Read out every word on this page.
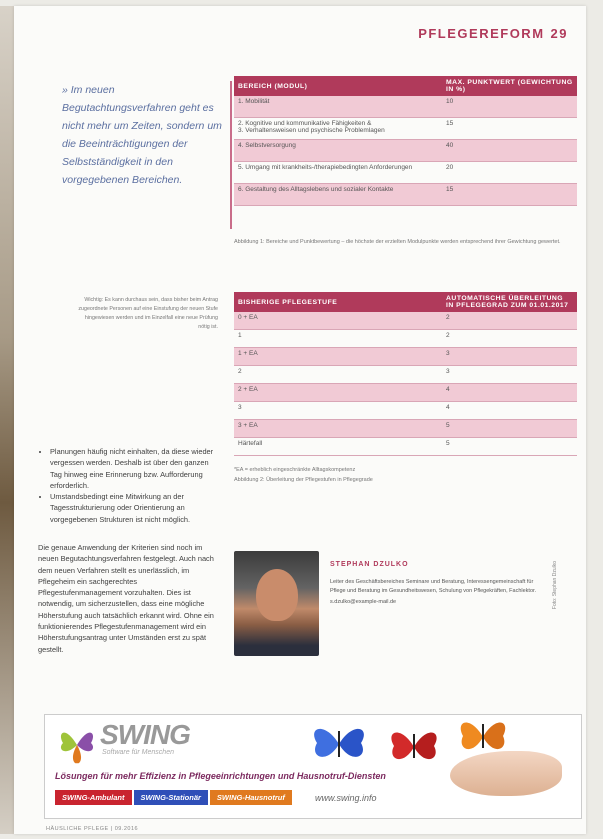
PFLEGEREFORM 29

» Im neuen Begutachtungsverfahren geht es nicht mehr um Zeiten, sondern um die Beeinträchtigungen der Selbstständigkeit in den vorgegebenen Bereichen.

BEREICH (MODUL)	MAX. PUNKTWERT (GEWICHTUNG IN %)
1. Mobilität	10
2. Kognitive und kommunikative Fähigkeiten &
3. Verhaltensweisen und psychische Problemlagen	15
4. Selbstversorgung	40
5. Umgang mit krankheits-/therapiebedingten Anforderungen	20
6. Gestaltung des Alltagslebens und sozialer Kontakte	15
Abbildung 1: Bereiche und Punktbewertung – die höchste der erzielten Modulpunkte werden entsprechend ihrer Gewichtung gewertet.
Wichtig: Es kann durchaus sein, dass bisher beim Antrag zugeordnete Personen auf eine Einstufung der neuen Stufe hingewiesen werden und im Einzelfall eine neue Prüfung nötig ist.
BISHERIGE PFLEGESTUFE	AUTOMATISCHE ÜBERLEITUNG IN PFLEGEGRAD ZUM 01.01.2017
0 + EA	2
1	2
1 + EA	3
2	3
2 + EA	4
3	4
3 + EA	5
Härtefall	5
*EA = erheblich eingeschränkte Alltagskompetenz
Abbildung 2: Überleitung der Pflegestufen in Pflegegrade
• Planungen häufig nicht einhalten, da diese wieder vergessen werden. Deshalb ist über den ganzen Tag hinweg eine Erinnerung bzw. Aufforderung erforderlich.
• Umstandsbedingt eine Mitwirkung an der Tagesstrukturierung oder Orientierung an vorgegebenen Strukturen ist nicht möglich.

Die genaue Anwendung der Kriterien sind noch im neuen Begutachtungsverfahren festgelegt. Auch nach dem neuen Verfahren stellt es unerlässlich, im Pflegeheim ein sachgerechtes Pflegestufenmanagement vorzuhalten. Dies ist notwendig, um sicherzustellen, dass eine mögliche Höherstufung auch tatsächlich erkannt wird. Ohne ein funktionierendes Pflegestufenmanagement wird ein Höherstufungsantrag unter Umständen erst zu spät gestellt.

STEPHAN DZULKO

Leiter des Geschäftsbereiches Seminare und Beratung, Interessengemeinschaft für Pflege und Beratung im Gesundheitswesen, Schulung von Pflegekräften, Fachlektor.

s.dzulko@example-mail.de	Foto: Stephan Dzulko
SWING
Software für Menschen
Lösungen für mehr Effizienz in Pflegeeinrichtungen und Hausnotruf-Diensten
SWING-Ambulant	SWING-Stationär	SWING-Hausnotruf	www.swing.info
HÄUSLICHE PFLEGE | 09.2016
